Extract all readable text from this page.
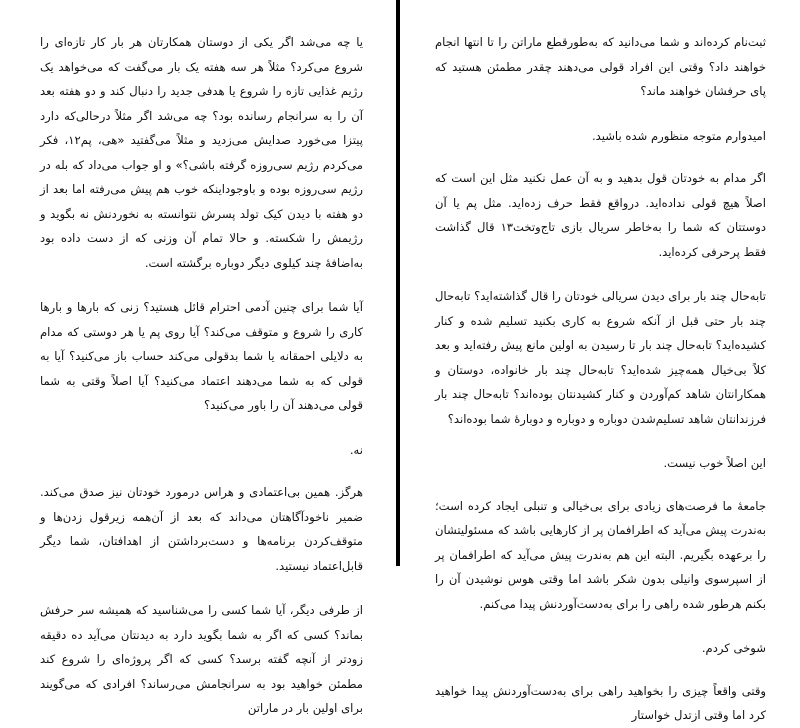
یا چه می‌شد اگر یکی از دوستان همکارتان هر بار کار تازه‌ای را شروع می‌کرد؟ مثلاً هر سه هفته یک بار می‌گفت که می‌خواهد یک رژیم غذایی تازه را شروع یا هدفی جدید را دنبال کند و دو هفته بعد آن را به سرانجام رسانده بود؟ چه می‌شد اگر مثلاً درحالی‌که دارد پیتزا می‌خورد صدایش می‌زدید و مثلاً می‌گفتید «هی، پم۱۲، فکر می‌کردم رژیم سی‌روزه گرفته باشی؟» و او جواب می‌داد که بله در رژیم سی‌روزه بوده و باوجوداینکه خوب هم پیش می‌رفته اما بعد از دو هفته با دیدن کیک تولد پسرش نتوانسته به نخوردنش نه بگوید و رژیمش را شکسته. و حالا تمام آن وزنی که از دست داده بود به‌اضافهٔ چند کیلوی دیگر دوباره برگشته است.

آیا شما برای چنین آدمی احترام قائل هستید؟ زنی که بارها و بارها کاری را شروع و متوقف می‌کند؟ آیا روی پم یا هر دوستی که مدام به دلایلی احمقانه یا شما بدقولی می‌کند حساب باز می‌کنید؟ آیا به قولی که به شما می‌دهند اعتماد می‌کنید؟ آیا اصلاً وقتی به شما قولی می‌دهند آن را باور می‌کنید؟

نه.

هرگز. همین بی‌اعتمادی و هراس درمورد خودتان نیز صدق می‌کند. ضمیر ناخودآگاهتان می‌داند که بعد از آن‌همه زیرقول زدن‌ها و متوقف‌کردن برنامه‌ها و دست‌برداشتن از اهدافتان، شما دیگر قابل‌اعتماد نیستید.

از طرفی دیگر، آیا شما کسی را می‌شناسید که همیشه سر حرفش بماند؟ کسی که اگر به شما بگوید دارد به دیدنتان می‌آید ده دقیقه زودتر از آنچه گفته برسد؟ کسی که اگر پروژه‌ای را شروع کند مطمئن خواهید بود به سرانجامش می‌رساند؟ افرادی که می‌گویند برای اولین بار در ماراتن

ثبت‌نام کرده‌اند و شما می‌دانید که به‌طورقطع ماراتن را تا انتها انجام خواهند داد؟ وقتی این افراد قولی می‌دهند چقدر مطمئن هستید که پای حرفشان خواهند ماند؟

امیدوارم متوجه منظورم شده باشید.

اگر مدام به خودتان قول بدهید و به آن عمل نکنید مثل این است که اصلاً هیچ قولی نداده‌اید. درواقع فقط حرف زده‌اید. مثل پم یا آن دوستتان که شما را به‌خاطر سریال بازی تاج‌وتخت۱۳ قال گذاشت فقط پرحرفی کرده‌اید.

تابه‌حال چند بار برای دیدن سریالی خودتان را قال گذاشته‌اید؟ تابه‌حال چند بار حتی قبل از آنکه شروع به کاری بکنید تسلیم شده و کنار کشیده‌اید؟ تابه‌حال چند بار تا رسیدن به اولین مانع پیش رفته‌اید و بعد کلاً بی‌خیال همه‌چیز شده‌اید؟ تابه‌حال چند بار خانواده، دوستان و همکارانتان شاهد کم‌آوردن و کنار کشیدنتان بوده‌اند؟ تابه‌حال چند بار فرزندانتان شاهد تسلیم‌شدن دوباره و دوباره و دوبارهٔ شما بوده‌اند؟

این اصلاً خوب نیست.

جامعهٔ ما فرصت‌های زیادی برای بی‌خیالی و تنبلی ایجاد کرده است؛ به‌ندرت پیش می‌آید که اطرافمان پر از کارهایی باشد که مسئولیتشان را برعهده بگیریم. البته این هم به‌ندرت پیش می‌آید که اطرافمان پر از اسپرسوی وانیلی بدون شکر باشد اما وقتی هوس نوشیدن آن را بکنم هرطور شده راهی را برای به‌دست‌آوردنش پیدا می‌کنم.

شوخی کردم.

وقتی واقعاً چیزی را بخواهید راهی برای به‌دست‌آوردنش پیدا خواهید کرد اما وقتی ازتدل خواستار
